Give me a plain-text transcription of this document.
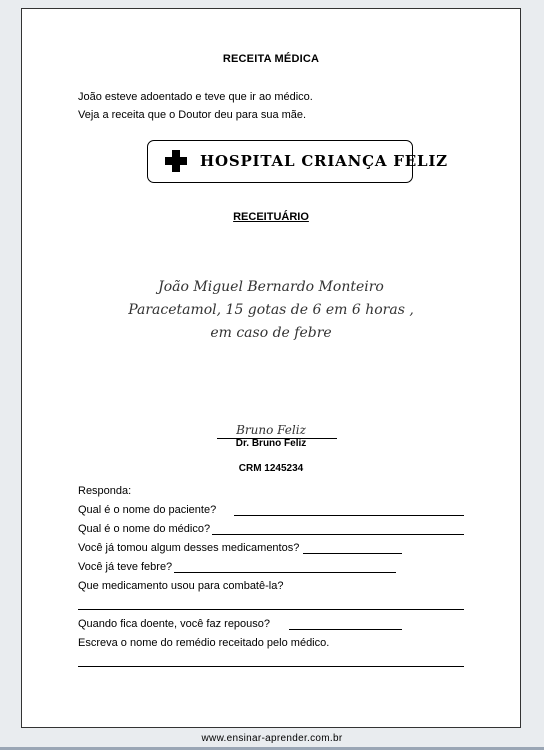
RECEITA MÉDICA
João esteve adoentado e teve que ir ao médico.
Veja a receita que o Doutor deu para sua mãe.
HOSPITAL CRIANÇA FELIZ
RECEITUÁRIO
João Miguel Bernardo Monteiro
Paracetamol, 15 gotas de 6 em 6 horas ,
em caso de febre
Bruno Feliz
Dr. Bruno Feliz
CRM 1245234
Responda:
Qual é o nome do paciente?
Qual é o nome do médico?
Você já tomou algum desses medicamentos?
Você já teve febre?
Que medicamento usou para combatê-la?
Quando fica doente, você faz repouso?
Escreva o nome do remédio receitado pelo médico.
www.ensinar-aprender.com.br
